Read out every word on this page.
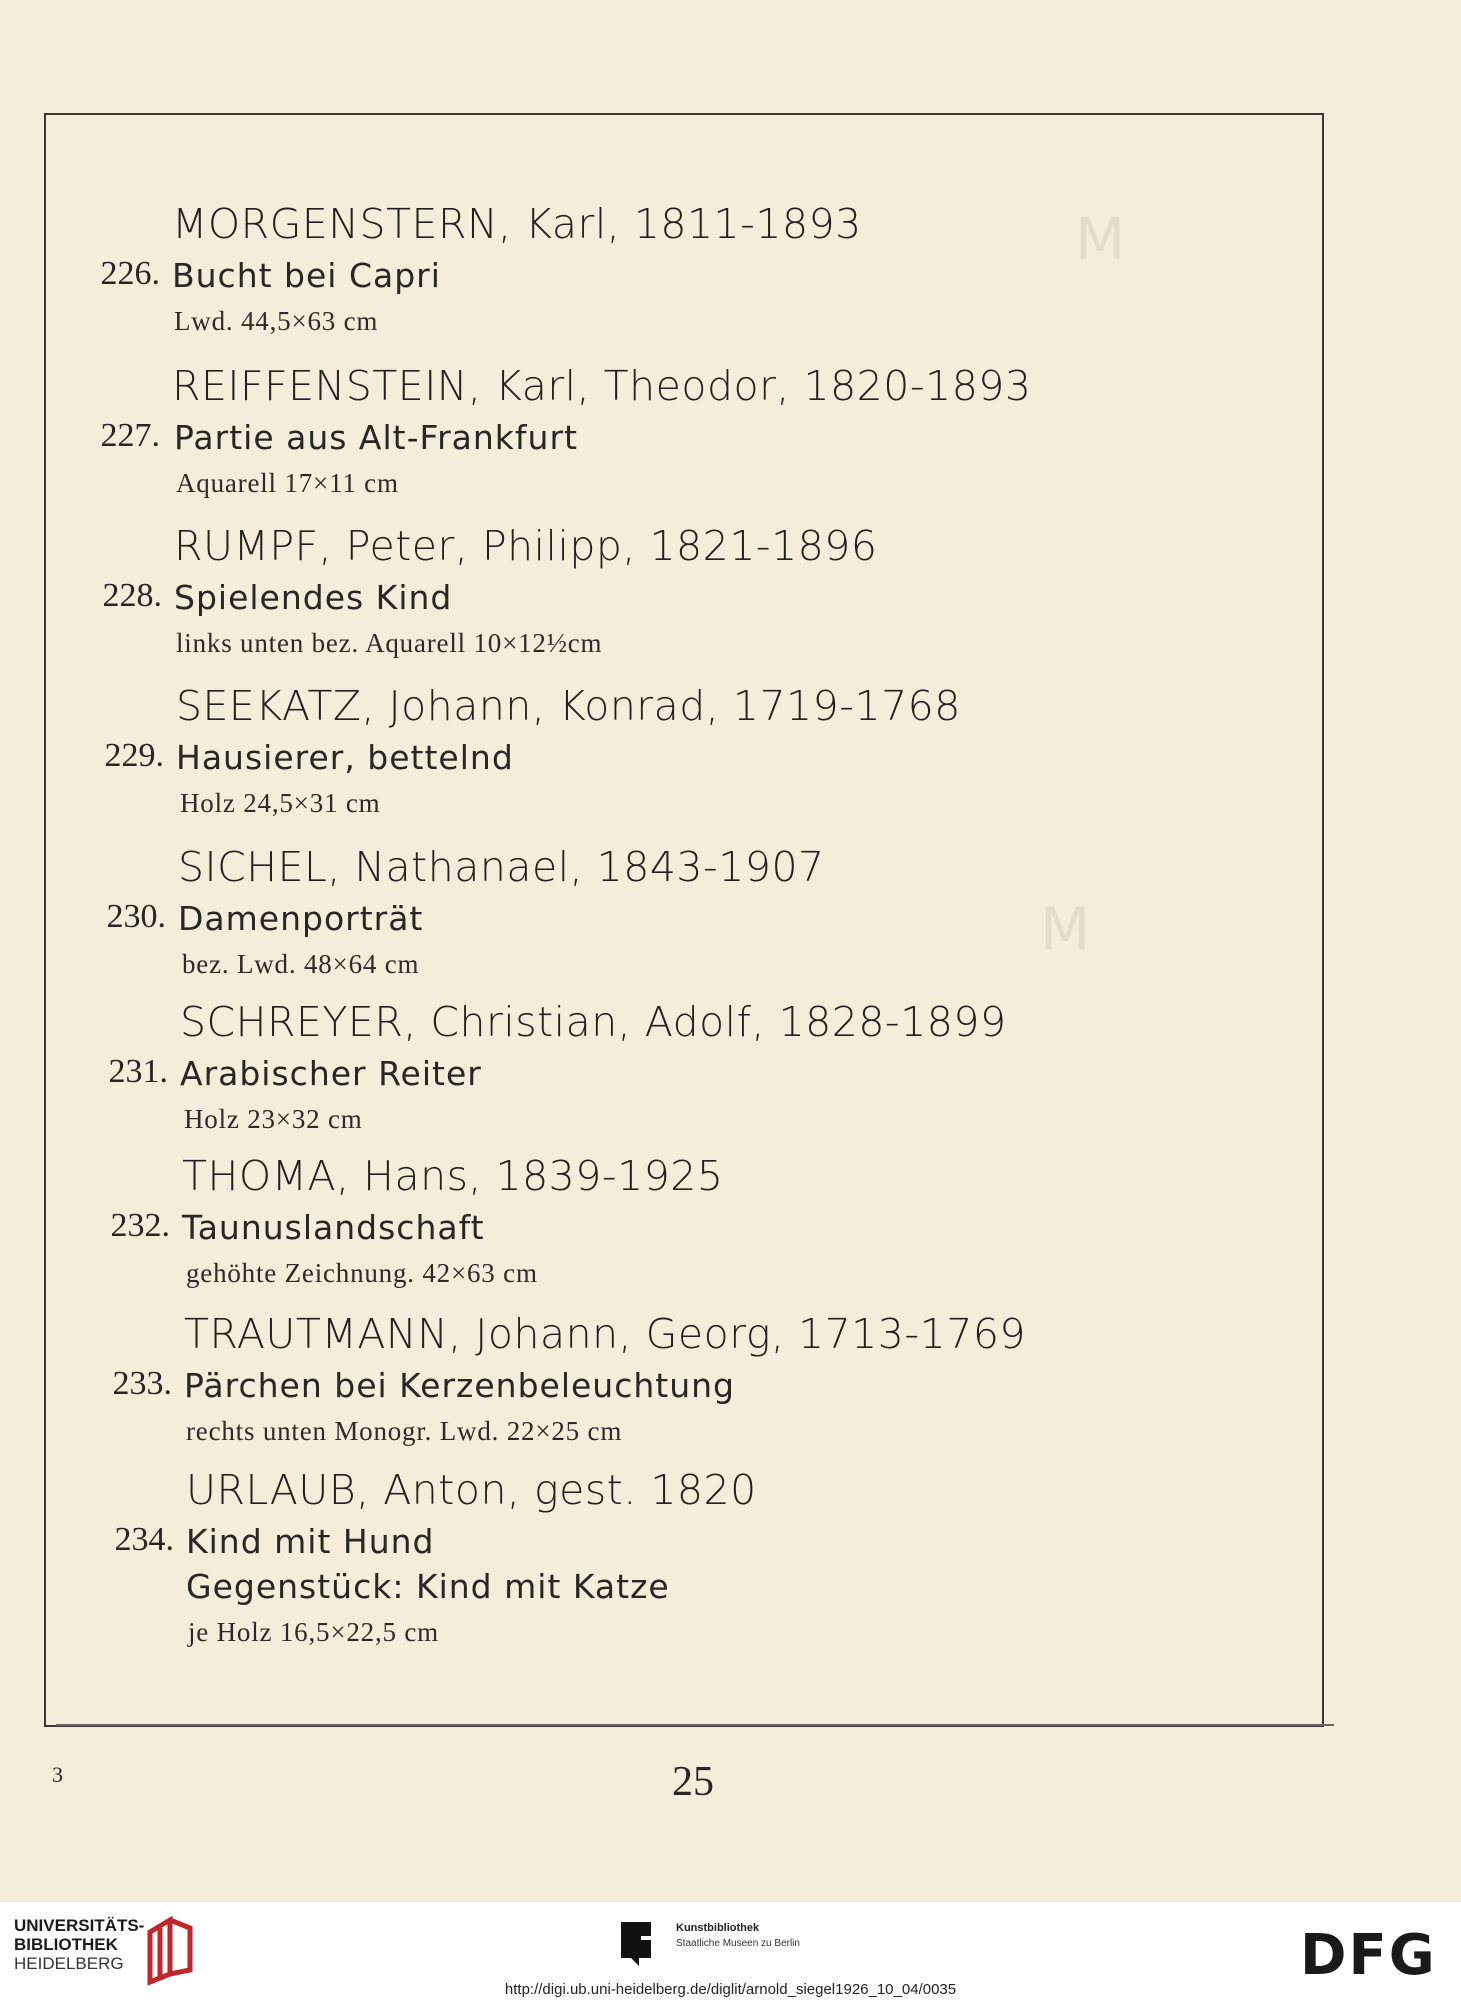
M
M
MORGENSTERN, Karl, 1811-1893
226. Bucht bei Capri
Lwd. 44,5×63 cm
REIFFENSTEIN, Karl, Theodor, 1820-1893
227. Partie aus Alt-Frankfurt
Aquarell 17×11 cm
RUMPF, Peter, Philipp, 1821-1896
228. Spielendes Kind
links unten bez. Aquarell 10×12½cm
SEEKATZ, Johann, Konrad, 1719-1768
229. Hausierer, bettelnd
Holz 24,5×31 cm
SICHEL, Nathanael, 1843-1907
230. Damenporträt
bez. Lwd. 48×64 cm
SCHREYER, Christian, Adolf, 1828-1899
231. Arabischer Reiter
Holz 23×32 cm
THOMA, Hans, 1839-1925
232. Taunuslandschaft
gehöhte Zeichnung. 42×63 cm
TRAUTMANN, Johann, Georg, 1713-1769
233. Pärchen bei Kerzenbeleuchtung
rechts unten Monogr. Lwd. 22×25 cm
URLAUB, Anton, gest. 1820
234. Kind mit Hund
Gegenstück: Kind mit Katze
je Holz 16,5×22,5 cm
3	25
UNIVERSITÄTS-
BIBLIOTHEK
HEIDELBERG
Kunstbibliothek
Staatliche Museen zu Berlin	DFG
http://digi.ub.uni-heidelberg.de/diglit/arnold_siegel1926_10_04/0035
